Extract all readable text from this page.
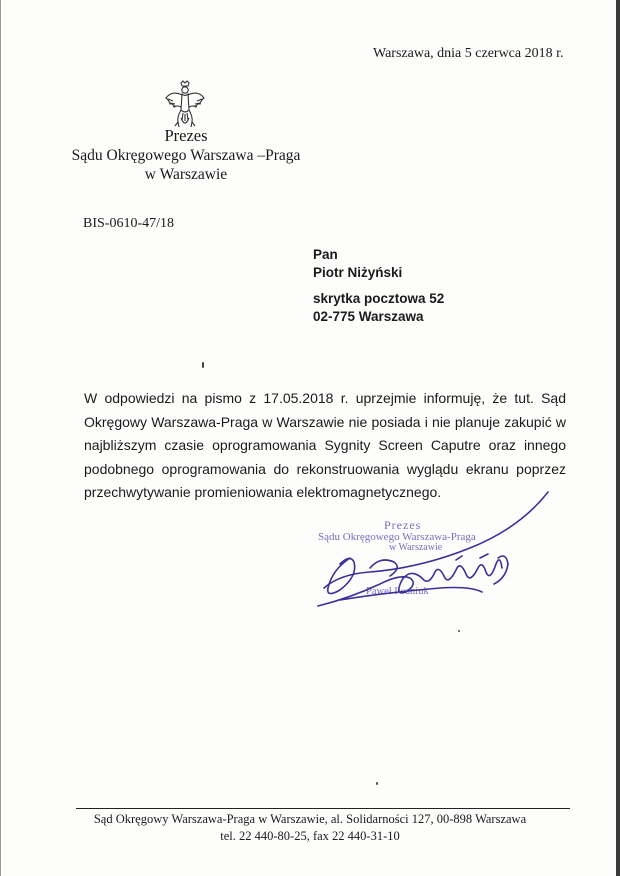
Warszawa, dnia 5 czerwca 2018 r.
Prezes
Sądu Okręgowego Warszawa –Praga
w Warszawie
BIS-0610-47/18
Pan
Piotr Niżyński
skrytka pocztowa 52
02-775 Warszawa
W odpowiedzi na pismo z 17.05.2018 r. uprzejmie informuję, że tut. Sąd Okręgowy Warszawa-Praga w Warszawie nie posiada i nie planuje zakupić w najbliższym czasie oprogramowania Sygnity Screen Caputre oraz innego podobnego oprogramowania do rekonstruowania wyglądu ekranu poprzez przechwytywanie promieniowania elektromagnetycznego.
Prezes
Sądu Okręgowego Warszawa-Praga
w Warszawie
Paweł Iwaniuk
Sąd Okręgowy Warszawa-Praga w Warszawie, al. Solidarności 127, 00-898 Warszawa
tel. 22 440-80-25, fax 22 440-31-10
